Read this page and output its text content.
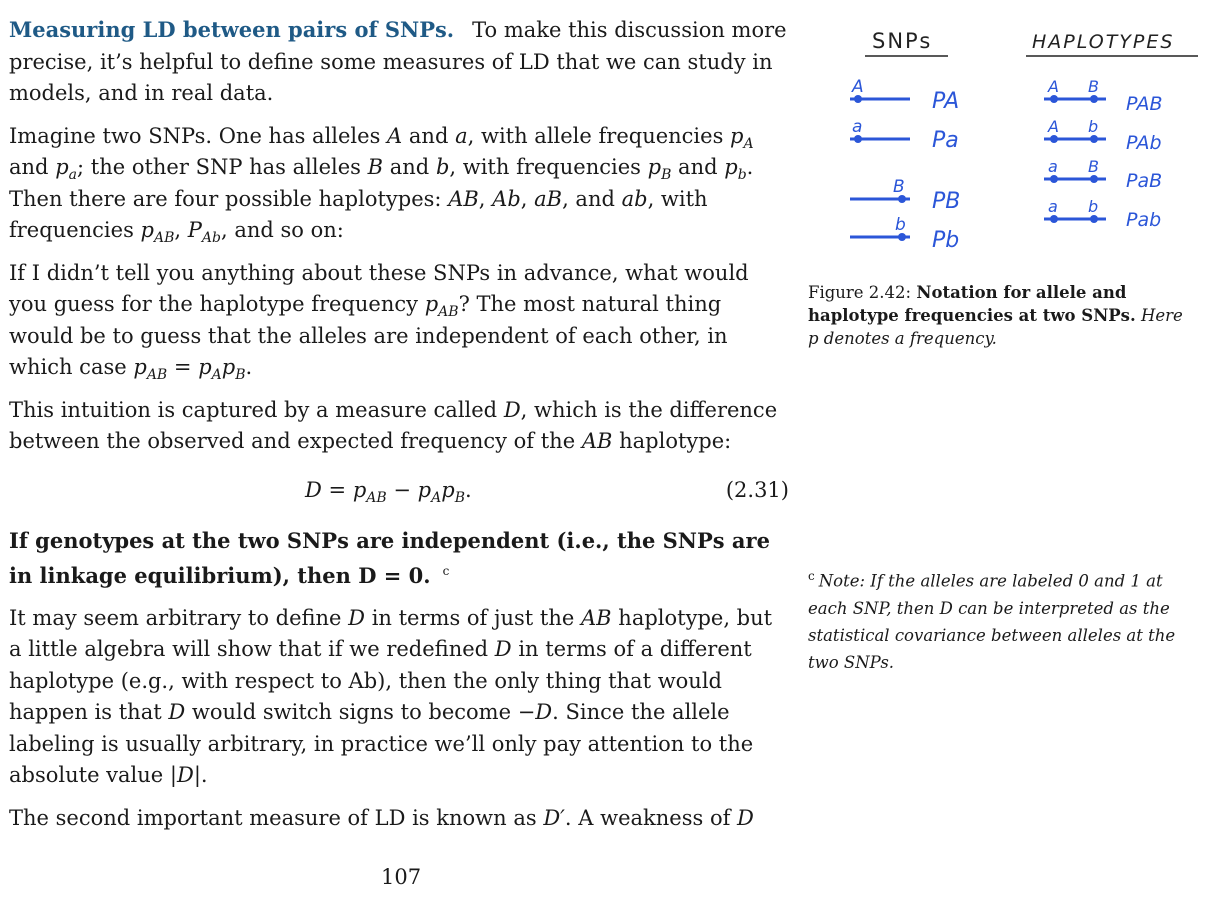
Measuring LD between pairs of SNPs. To make this discussion more precise, it’s helpful to define some measures of LD that we can study in models, and in real data.

Imagine two SNPs. One has alleles A and a, with allele frequencies $p_A$ and $p_a$; the other SNP has alleles B and b, with frequencies $p_B$ and $p_b$. Then there are four possible haplotypes: AB, Ab, aB, and ab, with frequencies $p_{AB}$, $P_{Ab}$, and so on:

If I didn’t tell you anything about these SNPs in advance, what would you guess for the haplotype frequency $p_{AB}$? The most natural thing would be to guess that the alleles are independent of each other, in which case $p_{AB} = p_Ap_B$.

This intuition is captured by a measure called D, which is the difference between the observed and expected frequency of the AB haplotype:

$D = p_{AB} - p_Ap_B$.	(2.31)

If genotypes at the two SNPs are independent (i.e., the SNPs are in linkage equilibrium), then D = 0. $^c$

It may seem arbitrary to define D in terms of just the AB haplotype, but a little algebra will show that if we redefined D in terms of a different haplotype (e.g., with respect to Ab), then the only thing that would happen is that D would switch signs to become −D. Since the allele labeling is usually arbitrary, in practice we’ll only pay attention to the absolute value |D|.

The second important measure of LD is known as D′. A weakness of D

107
SNPs	HAPLOTYPES
A
a
B
b
PA
Pa
PB
Pb
A B
A b
a B
a b
PAB
PAb
PaB
Pab
Figure 2.42: Notation for allele and haplotype frequencies at two SNPs. Here p denotes a frequency.
$^c$ Note: If the alleles are labeled 0 and 1 at each SNP, then D can be interpreted as the statistical covariance between alleles at the two SNPs.
